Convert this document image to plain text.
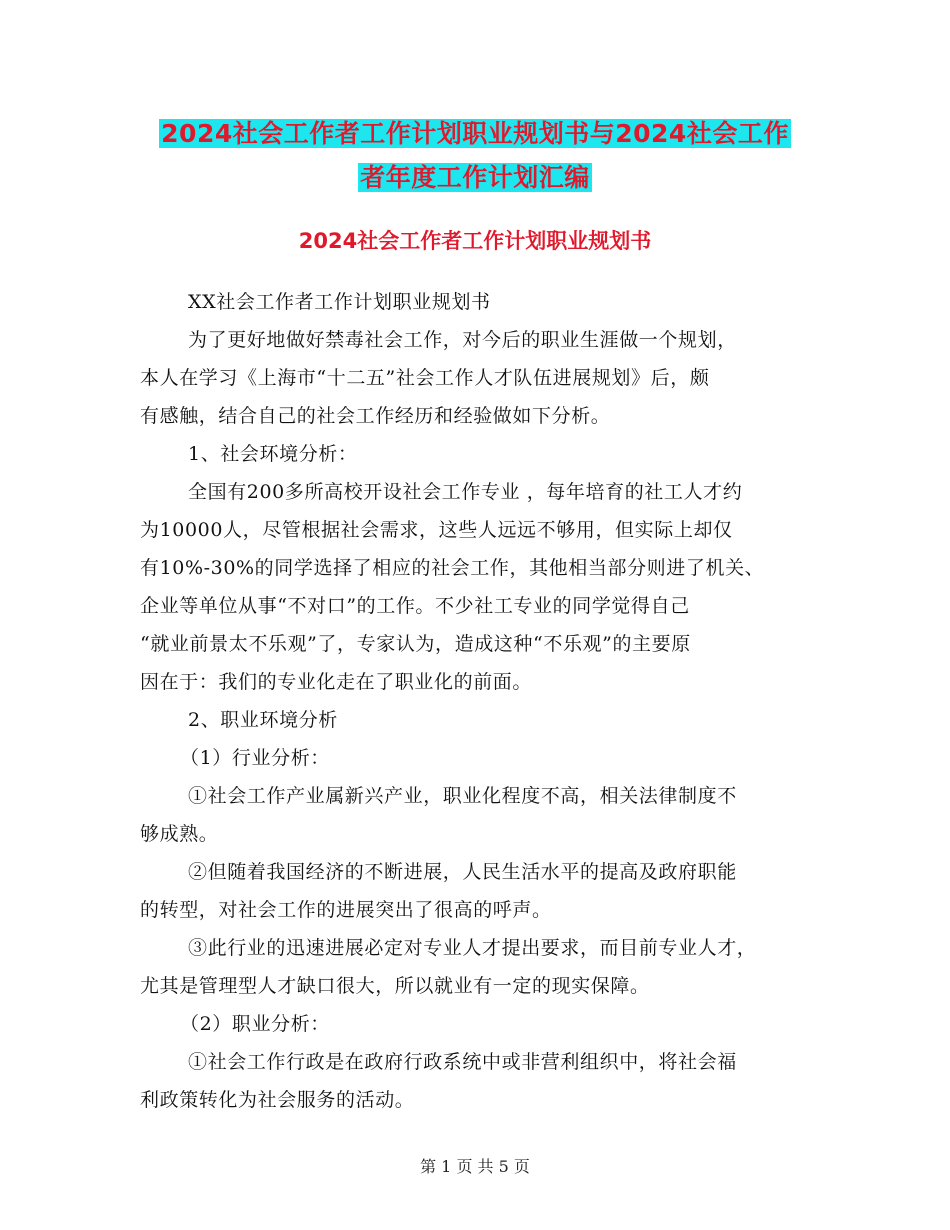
2024社会工作者工作计划职业规划书与2024社会工作
者年度工作计划汇编
2024社会工作者工作计划职业规划书
XX社会工作者工作计划职业规划书
为了更好地做好禁毒社会工作，对今后的职业生涯做一个规划，
本人在学习《上海市“十二五”社会工作人才队伍进展规划》后，颇
有感触，结合自己的社会工作经历和经验做如下分析。
1、社会环境分析：
全国有200多所高校开设社会工作专业 ，每年培育的社工人才约
为10000人，尽管根据社会需求，这些人远远不够用，但实际上却仅
有10%-30%的同学选择了相应的社会工作，其他相当部分则进了机关、
企业等单位从事“不对口”的工作。不少社工专业的同学觉得自己
“就业前景太不乐观”了，专家认为，造成这种“不乐观”的主要原
因在于：我们的专业化走在了职业化的前面。
2、职业环境分析
（1）行业分析：
①社会工作产业属新兴产业，职业化程度不高，相关法律制度不
够成熟。
②但随着我国经济的不断进展，人民生活水平的提高及政府职能
的转型，对社会工作的进展突出了很高的呼声。
③此行业的迅速进展必定对专业人才提出要求，而目前专业人才，
尤其是管理型人才缺口很大，所以就业有一定的现实保障。
（2）职业分析：
①社会工作行政是在政府行政系统中或非营利组织中，将社会福
利政策转化为社会服务的活动。
第 1 页 共 5 页
